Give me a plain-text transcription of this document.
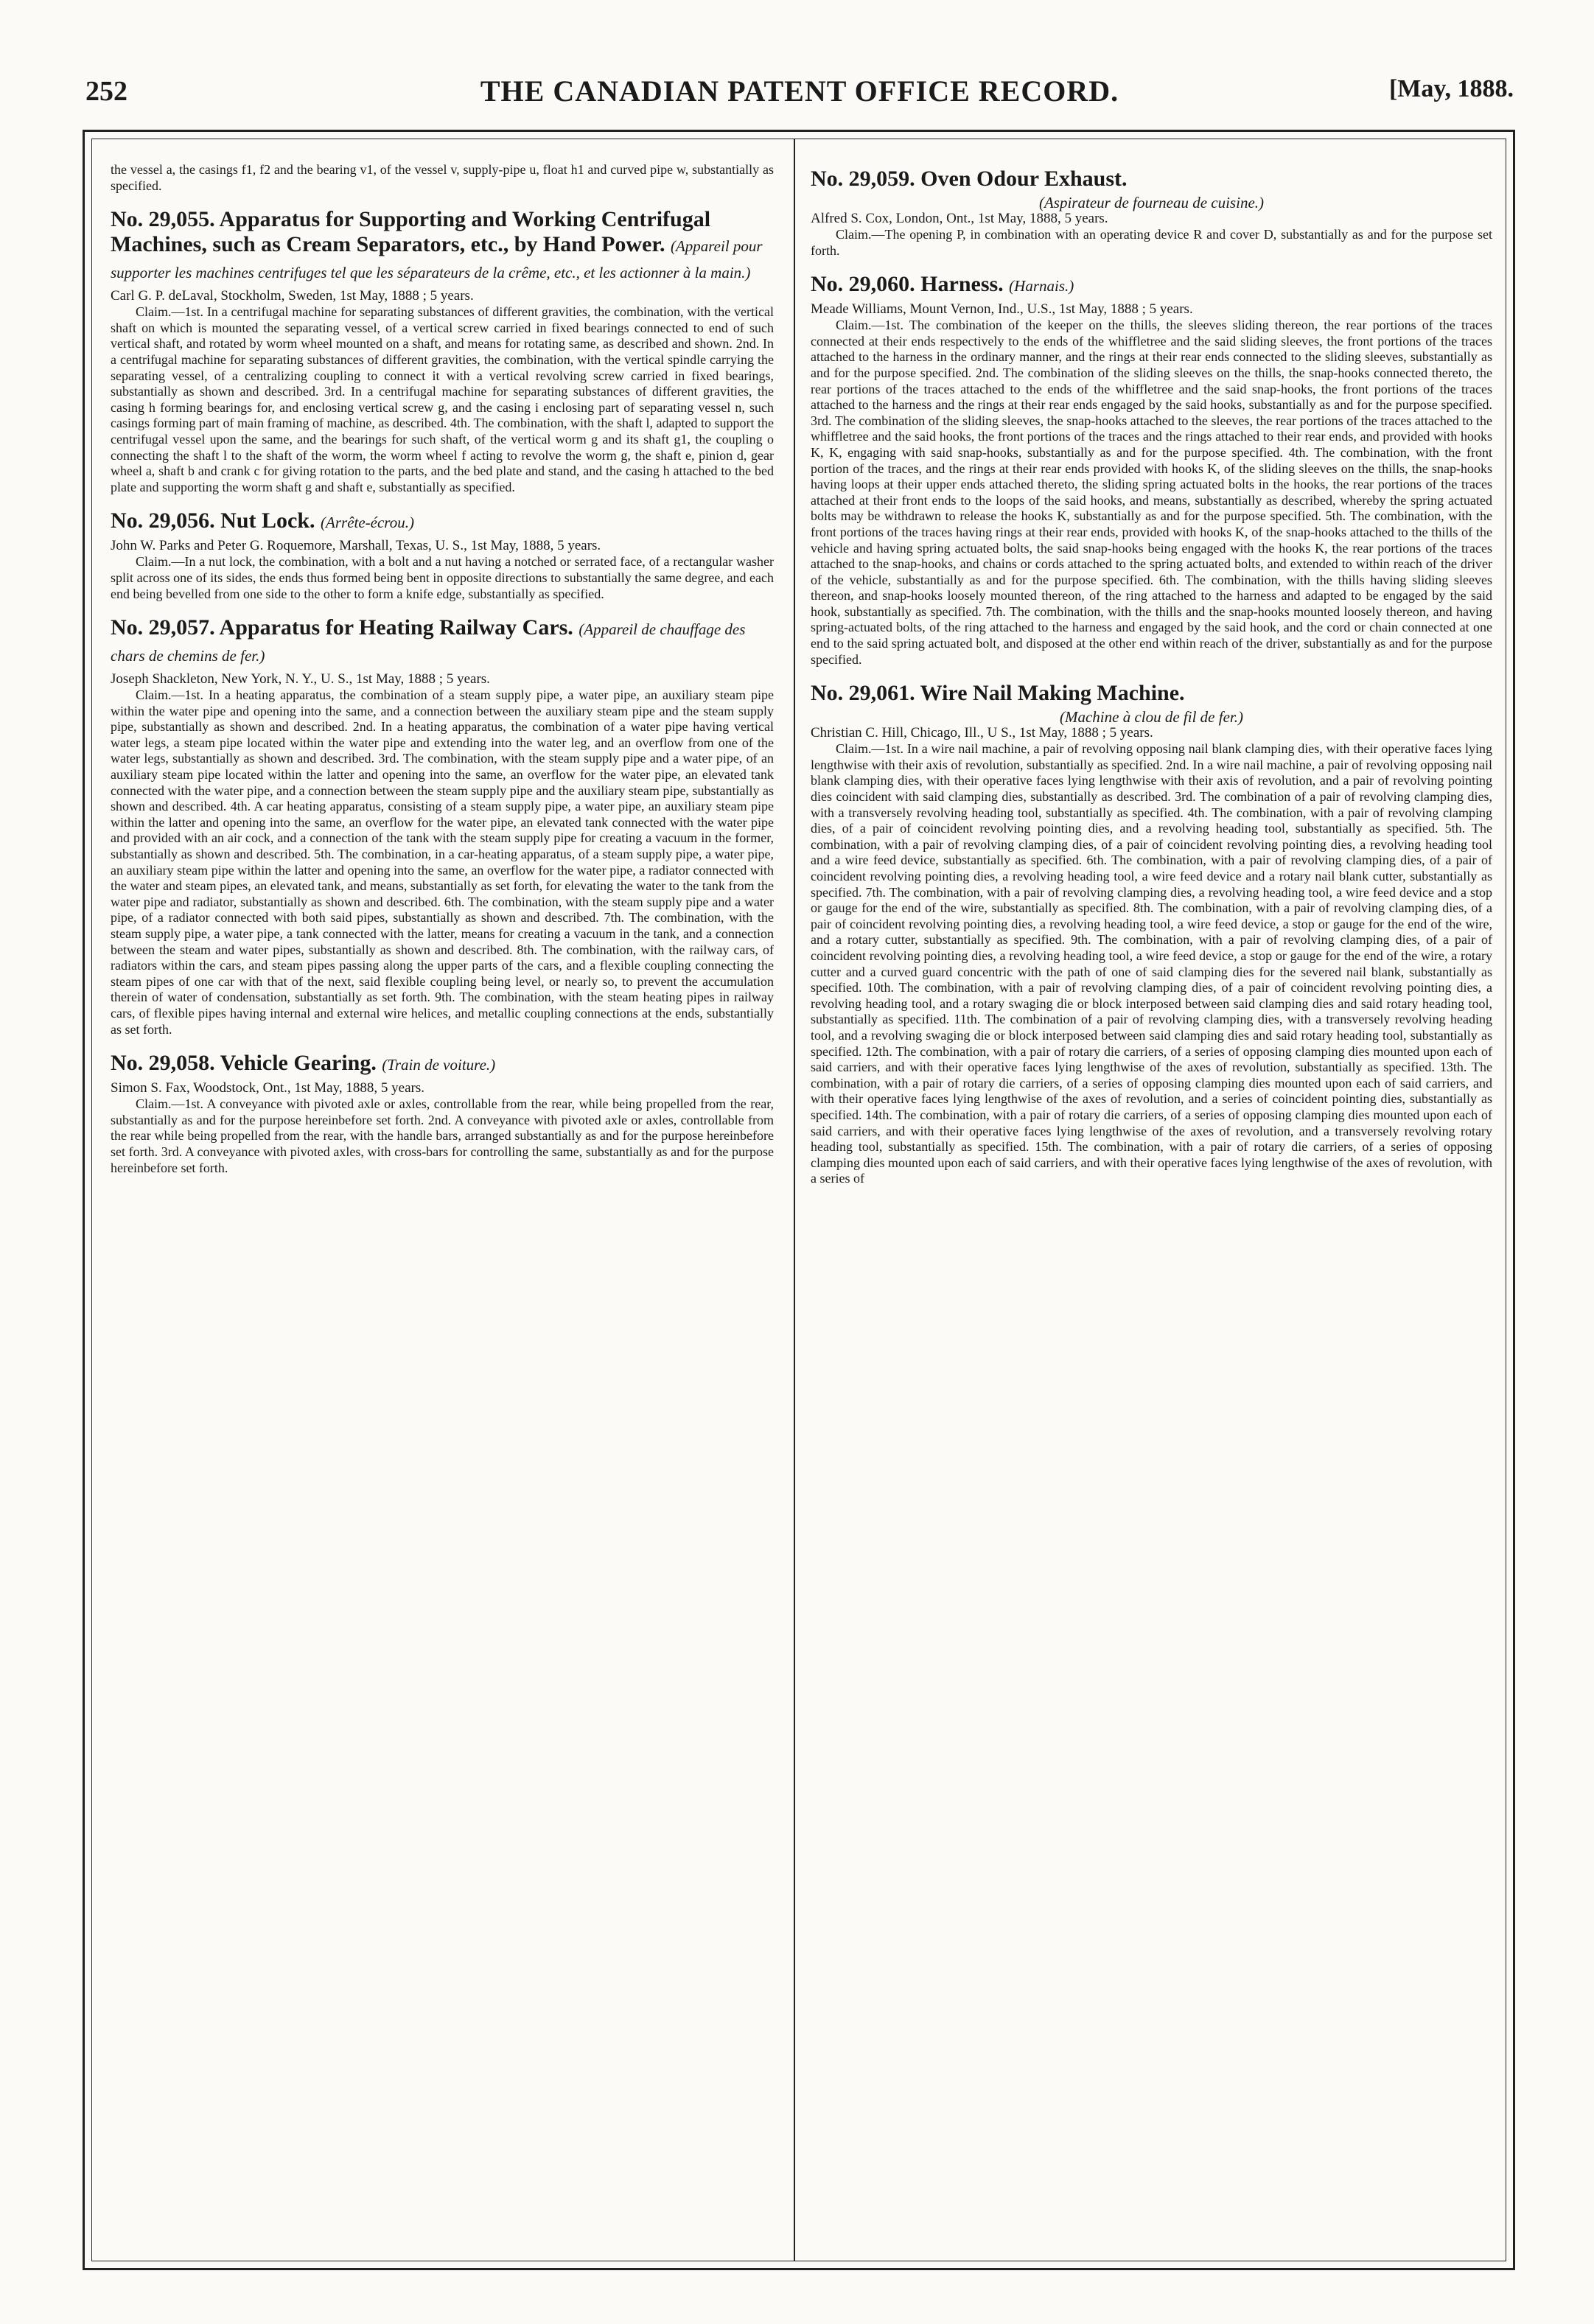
252	THE CANADIAN PATENT OFFICE RECORD.	[May, 1888.

the vessel a, the casings f1, f2 and the bearing v1, of the vessel v, supply-pipe u, float h1 and curved pipe w, substantially as specified.

No. 29,055. Apparatus for Supporting and Working Centrifugal Machines, such as Cream Separators, etc., by Hand Power. (Appareil pour supporter les machines centrifuges tel que les séparateurs de la crême, etc., et les actionner à la main.)

Carl G. P. deLaval, Stockholm, Sweden, 1st May, 1888 ; 5 years.

Claim.—1st. In a centrifugal machine for separating substances of different gravities, the combination, with the vertical shaft on which is mounted the separating vessel, of a vertical screw carried in fixed bearings connected to end of such vertical shaft, and rotated by worm wheel mounted on a shaft, and means for rotating same, as described and shown. 2nd. In a centrifugal machine for separating substances of different gravities, the combination, with the vertical spindle carrying the separating vessel, of a centralizing coupling to connect it with a vertical revolving screw carried in fixed bearings, substantially as shown and described. 3rd. In a centrifugal machine for separating substances of different gravities, the casing h forming bearings for, and enclosing vertical screw g, and the casing i enclosing part of separating vessel n, such casings forming part of main framing of machine, as described. 4th. The combination, with the shaft l, adapted to support the centrifugal vessel upon the same, and the bearings for such shaft, of the vertical worm g and its shaft g1, the coupling o connecting the shaft l to the shaft of the worm, the worm wheel f acting to revolve the worm g, the shaft e, pinion d, gear wheel a, shaft b and crank c for giving rotation to the parts, and the bed plate and stand, and the casing h attached to the bed plate and supporting the worm shaft g and shaft e, substantially as specified.

No. 29,056. Nut Lock. (Arrête-écrou.)

John W. Parks and Peter G. Roquemore, Marshall, Texas, U. S., 1st May, 1888, 5 years.

Claim.—In a nut lock, the combination, with a bolt and a nut having a notched or serrated face, of a rectangular washer split across one of its sides, the ends thus formed being bent in opposite directions to substantially the same degree, and each end being bevelled from one side to the other to form a knife edge, substantially as specified.

No. 29,057. Apparatus for Heating Railway Cars. (Appareil de chauffage des chars de chemins de fer.)

Joseph Shackleton, New York, N. Y., U. S., 1st May, 1888 ; 5 years.

Claim.—1st. In a heating apparatus, the combination of a steam supply pipe, a water pipe, an auxiliary steam pipe within the water pipe and opening into the same, and a connection between the auxiliary steam pipe and the steam supply pipe, substantially as shown and described. 2nd. In a heating apparatus, the combination of a water pipe having vertical water legs, a steam pipe located within the water pipe and extending into the water leg, and an overflow from one of the water legs, substantially as shown and described. 3rd. The combination, with the steam supply pipe and a water pipe, of an auxiliary steam pipe located within the latter and opening into the same, an overflow for the water pipe, an elevated tank connected with the water pipe, and a connection between the steam supply pipe and the auxiliary steam pipe, substantially as shown and described. 4th. A car heating apparatus, consisting of a steam supply pipe, a water pipe, an auxiliary steam pipe within the latter and opening into the same, an overflow for the water pipe, an elevated tank connected with the water pipe and provided with an air cock, and a connection of the tank with the steam supply pipe for creating a vacuum in the former, substantially as shown and described. 5th. The combination, in a car-heating apparatus, of a steam supply pipe, a water pipe, an auxiliary steam pipe within the latter and opening into the same, an overflow for the water pipe, a radiator connected with the water and steam pipes, an elevated tank, and means, substantially as set forth, for elevating the water to the tank from the water pipe and radiator, substantially as shown and described. 6th. The combination, with the steam supply pipe and a water pipe, of a radiator connected with both said pipes, substantially as shown and described. 7th. The combination, with the steam supply pipe, a water pipe, a tank connected with the latter, means for creating a vacuum in the tank, and a connection between the steam and water pipes, substantially as shown and described. 8th. The combination, with the railway cars, of radiators within the cars, and steam pipes passing along the upper parts of the cars, and a flexible coupling connecting the steam pipes of one car with that of the next, said flexible coupling being level, or nearly so, to prevent the accumulation therein of water of condensation, substantially as set forth. 9th. The combination, with the steam heating pipes in railway cars, of flexible pipes having internal and external wire helices, and metallic coupling connections at the ends, substantially as set forth.

No. 29,058. Vehicle Gearing. (Train de voiture.)

Simon S. Fax, Woodstock, Ont., 1st May, 1888, 5 years.

Claim.—1st. A conveyance with pivoted axle or axles, controllable from the rear, while being propelled from the rear, substantially as and for the purpose hereinbefore set forth. 2nd. A conveyance with pivoted axle or axles, controllable from the rear while being propelled from the rear, with the handle bars, arranged substantially as and for the purpose hereinbefore set forth. 3rd. A conveyance with pivoted axles, with cross-bars for controlling the same, substantially as and for the purpose hereinbefore set forth.

No. 29,059. Oven Odour Exhaust.

(Aspirateur de fourneau de cuisine.)

Alfred S. Cox, London, Ont., 1st May, 1888, 5 years.

Claim.—The opening P, in combination with an operating device R and cover D, substantially as and for the purpose set forth.

No. 29,060. Harness. (Harnais.)

Meade Williams, Mount Vernon, Ind., U.S., 1st May, 1888 ; 5 years.

Claim.—1st. The combination of the keeper on the thills, the sleeves sliding thereon, the rear portions of the traces connected at their ends respectively to the ends of the whiffletree and the said sliding sleeves, the front portions of the traces attached to the harness in the ordinary manner, and the rings at their rear ends connected to the sliding sleeves, substantially as and for the purpose specified. 2nd. The combination of the sliding sleeves on the thills, the snap-hooks connected thereto, the rear portions of the traces attached to the ends of the whiffletree and the said snap-hooks, the front portions of the traces attached to the harness and the rings at their rear ends engaged by the said hooks, substantially as and for the purpose specified. 3rd. The combination of the sliding sleeves, the snap-hooks attached to the sleeves, the rear portions of the traces attached to the whiffletree and the said hooks, the front portions of the traces and the rings attached to their rear ends, and provided with hooks K, K, engaging with said snap-hooks, substantially as and for the purpose specified. 4th. The combination, with the front portion of the traces, and the rings at their rear ends provided with hooks K, of the sliding sleeves on the thills, the snap-hooks having loops at their upper ends attached thereto, the sliding spring actuated bolts in the hooks, the rear portions of the traces attached at their front ends to the loops of the said hooks, and means, substantially as described, whereby the spring actuated bolts may be withdrawn to release the hooks K, substantially as and for the purpose specified. 5th. The combination, with the front portions of the traces having rings at their rear ends, provided with hooks K, of the snap-hooks attached to the thills of the vehicle and having spring actuated bolts, the said snap-hooks being engaged with the hooks K, the rear portions of the traces attached to the snap-hooks, and chains or cords attached to the spring actuated bolts, and extended to within reach of the driver of the vehicle, substantially as and for the purpose specified. 6th. The combination, with the thills having sliding sleeves thereon, and snap-hooks loosely mounted thereon, of the ring attached to the harness and adapted to be engaged by the said hook, substantially as specified. 7th. The combination, with the thills and the snap-hooks mounted loosely thereon, and having spring-actuated bolts, of the ring attached to the harness and engaged by the said hook, and the cord or chain connected at one end to the said spring actuated bolt, and disposed at the other end within reach of the driver, substantially as and for the purpose specified.

No. 29,061. Wire Nail Making Machine.

(Machine à clou de fil de fer.)

Christian C. Hill, Chicago, Ill., U S., 1st May, 1888 ; 5 years.

Claim.—1st. In a wire nail machine, a pair of revolving opposing nail blank clamping dies, with their operative faces lying lengthwise with their axis of revolution, substantially as specified. 2nd. In a wire nail machine, a pair of revolving opposing nail blank clamping dies, with their operative faces lying lengthwise with their axis of revolution, and a pair of revolving pointing dies coincident with said clamping dies, substantially as described. 3rd. The combination of a pair of revolving clamping dies, with a transversely revolving heading tool, substantially as specified. 4th. The combination, with a pair of revolving clamping dies, of a pair of coincident revolving pointing dies, and a revolving heading tool, substantially as specified. 5th. The combination, with a pair of revolving clamping dies, of a pair of coincident revolving pointing dies, a revolving heading tool and a wire feed device, substantially as specified. 6th. The combination, with a pair of revolving clamping dies, of a pair of coincident revolving pointing dies, a revolving heading tool, a wire feed device and a rotary nail blank cutter, substantially as specified. 7th. The combination, with a pair of revolving clamping dies, a revolving heading tool, a wire feed device and a stop or gauge for the end of the wire, substantially as specified. 8th. The combination, with a pair of revolving clamping dies, of a pair of coincident revolving pointing dies, a revolving heading tool, a wire feed device, a stop or gauge for the end of the wire, and a rotary cutter, substantially as specified. 9th. The combination, with a pair of revolving clamping dies, of a pair of coincident revolving pointing dies, a revolving heading tool, a wire feed device, a stop or gauge for the end of the wire, a rotary cutter and a curved guard concentric with the path of one of said clamping dies for the severed nail blank, substantially as specified. 10th. The combination, with a pair of revolving clamping dies, of a pair of coincident revolving pointing dies, a revolving heading tool, and a rotary swaging die or block interposed between said clamping dies and said rotary heading tool, substantially as specified. 11th. The combination of a pair of revolving clamping dies, with a transversely revolving heading tool, and a revolving swaging die or block interposed between said clamping dies and said rotary heading tool, substantially as specified. 12th. The combination, with a pair of rotary die carriers, of a series of opposing clamping dies mounted upon each of said carriers, and with their operative faces lying lengthwise of the axes of revolution, substantially as specified. 13th. The combination, with a pair of rotary die carriers, of a series of opposing clamping dies mounted upon each of said carriers, and with their operative faces lying lengthwise of the axes of revolution, and a series of coincident pointing dies, substantially as specified. 14th. The combination, with a pair of rotary die carriers, of a series of opposing clamping dies mounted upon each of said carriers, and with their operative faces lying lengthwise of the axes of revolution, and a transversely revolving rotary heading tool, substantially as specified. 15th. The combination, with a pair of rotary die carriers, of a series of opposing clamping dies mounted upon each of said carriers, and with their operative faces lying lengthwise of the axes of revolution, with a series of
